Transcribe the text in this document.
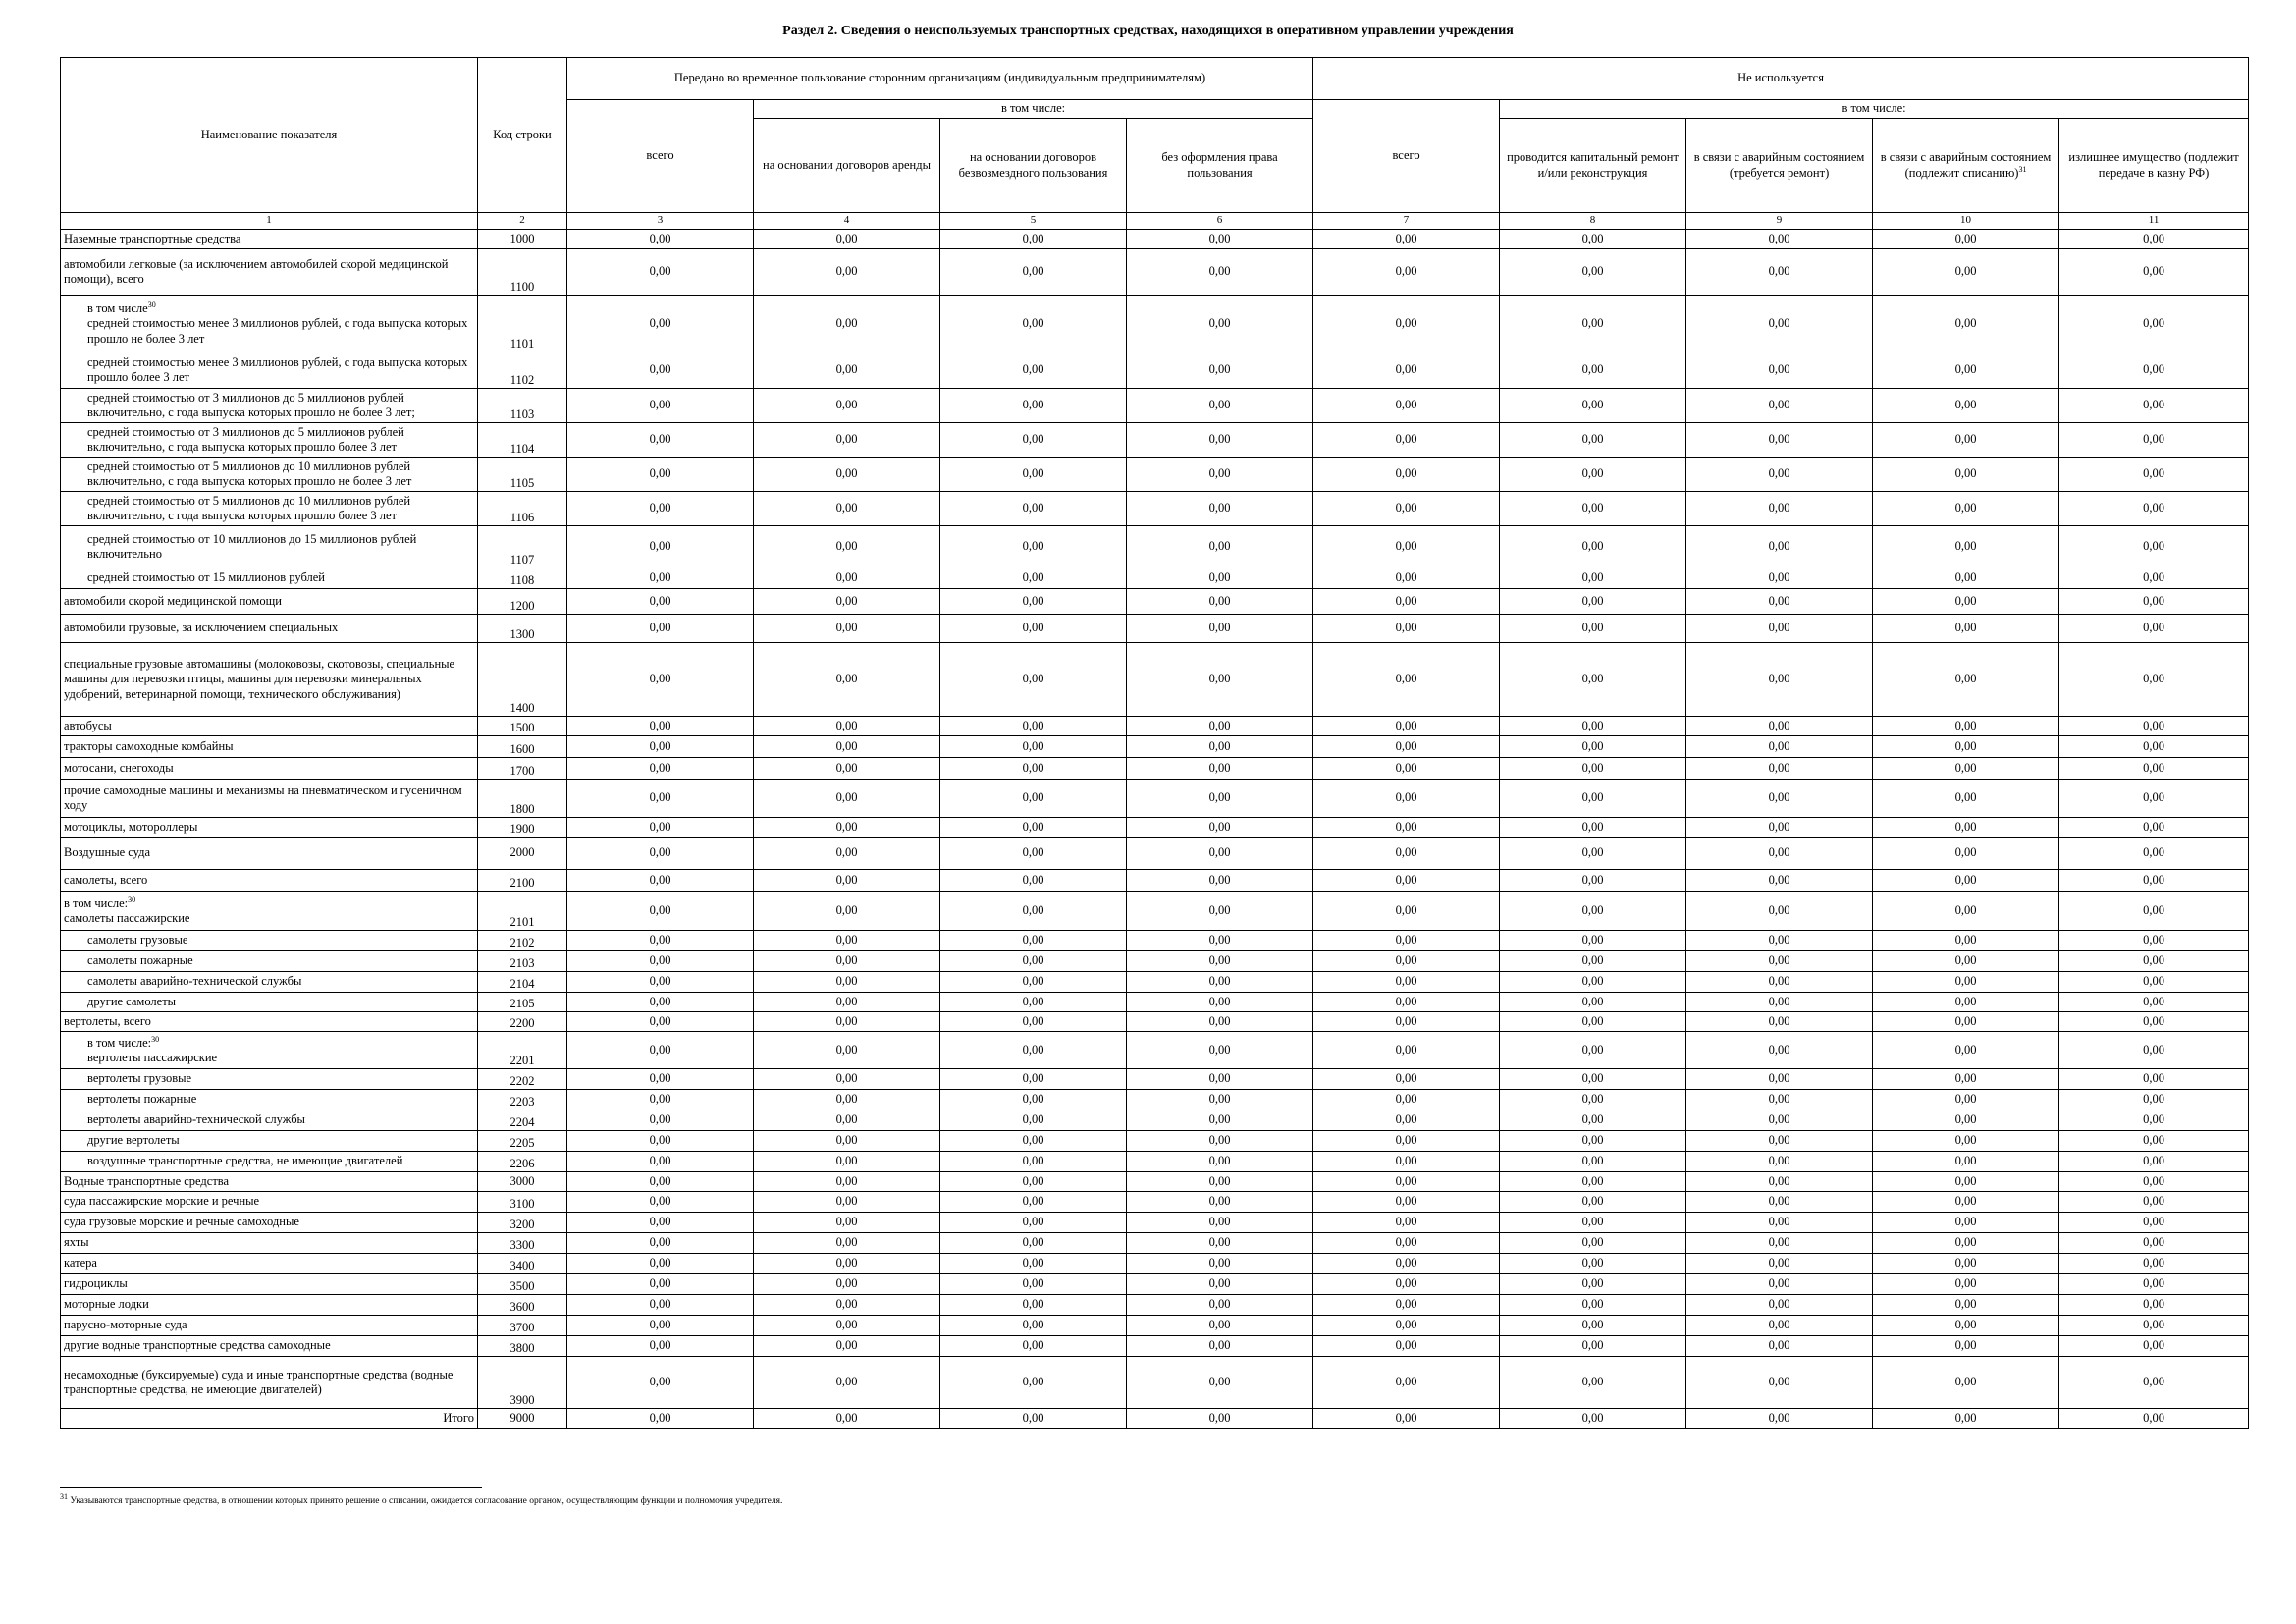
Раздел 2. Сведения о неиспользуемых транспортных средствах, находящихся в оперативном управлении учреждения
Наименование показателя	Код строки	Передано во временное пользование сторонним организациям (индивидуальным предпринимателям)				Не используется				
		всего	в том числе:			всего	в том числе:			
			на основании договоров аренды	на основании договоров безвозмездного пользования	без оформления права пользования		проводится капитальный ремонт и/или реконструкция	в связи с аварийным состоянием (требуется ремонт)	в связи с аварийным состоянием (подлежит списанию)$^{31}$	излишнее имущество (подлежит передаче в казну РФ)
1	2	3	4	5	6	7	8	9	10	11

Наземные транспортные средства	1000	0,00	0,00	0,00	0,00	0,00	0,00	0,00	0,00	0,00

автомобили легковые (за исключением автомобилей скорой медицинской помощи), всего	1100	0,00	0,00	0,00	0,00	0,00	0,00	0,00	0,00	0,00

в том числе$^{30}$
средней стоимостью менее 3 миллионов рублей, с года выпуска которых прошло не более 3 лет	1101	0,00	0,00	0,00	0,00	0,00	0,00	0,00	0,00	0,00

средней стоимостью менее 3 миллионов рублей, с года выпуска которых прошло более 3 лет	1102	0,00	0,00	0,00	0,00	0,00	0,00	0,00	0,00	0,00

средней стоимостью от 3 миллионов до 5 миллионов рублей включительно, с года выпуска которых прошло не более 3 лет;	1103	0,00	0,00	0,00	0,00	0,00	0,00	0,00	0,00	0,00

средней стоимостью от 3 миллионов до 5 миллионов рублей включительно, с года выпуска которых прошло более 3 лет	1104	0,00	0,00	0,00	0,00	0,00	0,00	0,00	0,00	0,00

средней стоимостью от 5 миллионов до 10 миллионов рублей включительно, с года выпуска которых прошло не более 3 лет	1105	0,00	0,00	0,00	0,00	0,00	0,00	0,00	0,00	0,00

средней стоимостью от 5 миллионов до 10 миллионов рублей включительно, с года выпуска которых прошло более 3 лет	1106	0,00	0,00	0,00	0,00	0,00	0,00	0,00	0,00	0,00

средней стоимостью от 10 миллионов до 15 миллионов рублей включительно	1107	0,00	0,00	0,00	0,00	0,00	0,00	0,00	0,00	0,00

средней стоимостью от 15 миллионов рублей	1108	0,00	0,00	0,00	0,00	0,00	0,00	0,00	0,00	0,00

автомобили скорой медицинской помощи	1200	0,00	0,00	0,00	0,00	0,00	0,00	0,00	0,00	0,00

автомобили грузовые, за исключением специальных	1300	0,00	0,00	0,00	0,00	0,00	0,00	0,00	0,00	0,00

специальные грузовые автомашины (молоковозы, скотовозы, специальные машины для перевозки птицы, машины для перевозки минеральных удобрений, ветеринарной помощи, технического обслуживания)	1400	0,00	0,00	0,00	0,00	0,00	0,00	0,00	0,00	0,00

автобусы	1500	0,00	0,00	0,00	0,00	0,00	0,00	0,00	0,00	0,00

тракторы самоходные комбайны	1600	0,00	0,00	0,00	0,00	0,00	0,00	0,00	0,00	0,00

мотосани, снегоходы	1700	0,00	0,00	0,00	0,00	0,00	0,00	0,00	0,00	0,00

прочие самоходные машины и механизмы на пневматическом и гусеничном ходу	1800	0,00	0,00	0,00	0,00	0,00	0,00	0,00	0,00	0,00

мотоциклы, мотороллеры	1900	0,00	0,00	0,00	0,00	0,00	0,00	0,00	0,00	0,00

Воздушные суда	2000	0,00	0,00	0,00	0,00	0,00	0,00	0,00	0,00	0,00

самолеты, всего	2100	0,00	0,00	0,00	0,00	0,00	0,00	0,00	0,00	0,00

в том числе:$^{30}$
самолеты пассажирские	2101	0,00	0,00	0,00	0,00	0,00	0,00	0,00	0,00	0,00

самолеты грузовые	2102	0,00	0,00	0,00	0,00	0,00	0,00	0,00	0,00	0,00

самолеты пожарные	2103	0,00	0,00	0,00	0,00	0,00	0,00	0,00	0,00	0,00

самолеты аварийно-технической службы	2104	0,00	0,00	0,00	0,00	0,00	0,00	0,00	0,00	0,00

другие самолеты	2105	0,00	0,00	0,00	0,00	0,00	0,00	0,00	0,00	0,00

вертолеты, всего	2200	0,00	0,00	0,00	0,00	0,00	0,00	0,00	0,00	0,00

в том числе:$^{30}$
вертолеты пассажирские	2201	0,00	0,00	0,00	0,00	0,00	0,00	0,00	0,00	0,00

вертолеты грузовые	2202	0,00	0,00	0,00	0,00	0,00	0,00	0,00	0,00	0,00

вертолеты пожарные	2203	0,00	0,00	0,00	0,00	0,00	0,00	0,00	0,00	0,00

вертолеты аварийно-технической службы	2204	0,00	0,00	0,00	0,00	0,00	0,00	0,00	0,00	0,00

другие вертолеты	2205	0,00	0,00	0,00	0,00	0,00	0,00	0,00	0,00	0,00

воздушные транспортные средства, не имеющие двигателей	2206	0,00	0,00	0,00	0,00	0,00	0,00	0,00	0,00	0,00

Водные транспортные средства	3000	0,00	0,00	0,00	0,00	0,00	0,00	0,00	0,00	0,00

суда пассажирские морские и речные	3100	0,00	0,00	0,00	0,00	0,00	0,00	0,00	0,00	0,00

суда грузовые морские и речные самоходные	3200	0,00	0,00	0,00	0,00	0,00	0,00	0,00	0,00	0,00

яхты	3300	0,00	0,00	0,00	0,00	0,00	0,00	0,00	0,00	0,00

катера	3400	0,00	0,00	0,00	0,00	0,00	0,00	0,00	0,00	0,00

гидроциклы	3500	0,00	0,00	0,00	0,00	0,00	0,00	0,00	0,00	0,00

моторные лодки	3600	0,00	0,00	0,00	0,00	0,00	0,00	0,00	0,00	0,00

парусно-моторные суда	3700	0,00	0,00	0,00	0,00	0,00	0,00	0,00	0,00	0,00

другие водные транспортные средства самоходные	3800	0,00	0,00	0,00	0,00	0,00	0,00	0,00	0,00	0,00

несамоходные (буксируемые) суда и иные транспортные средства (водные транспортные средства, не имеющие двигателей)	3900	0,00	0,00	0,00	0,00	0,00	0,00	0,00	0,00	0,00

Итого	9000	0,00	0,00	0,00	0,00	0,00	0,00	0,00	0,00	0,00
$^{31}$ Указываются транспортные средства, в отношении которых принято решение о списании, ожидается согласование органом, осуществляющим функции и полномочия учредителя.
